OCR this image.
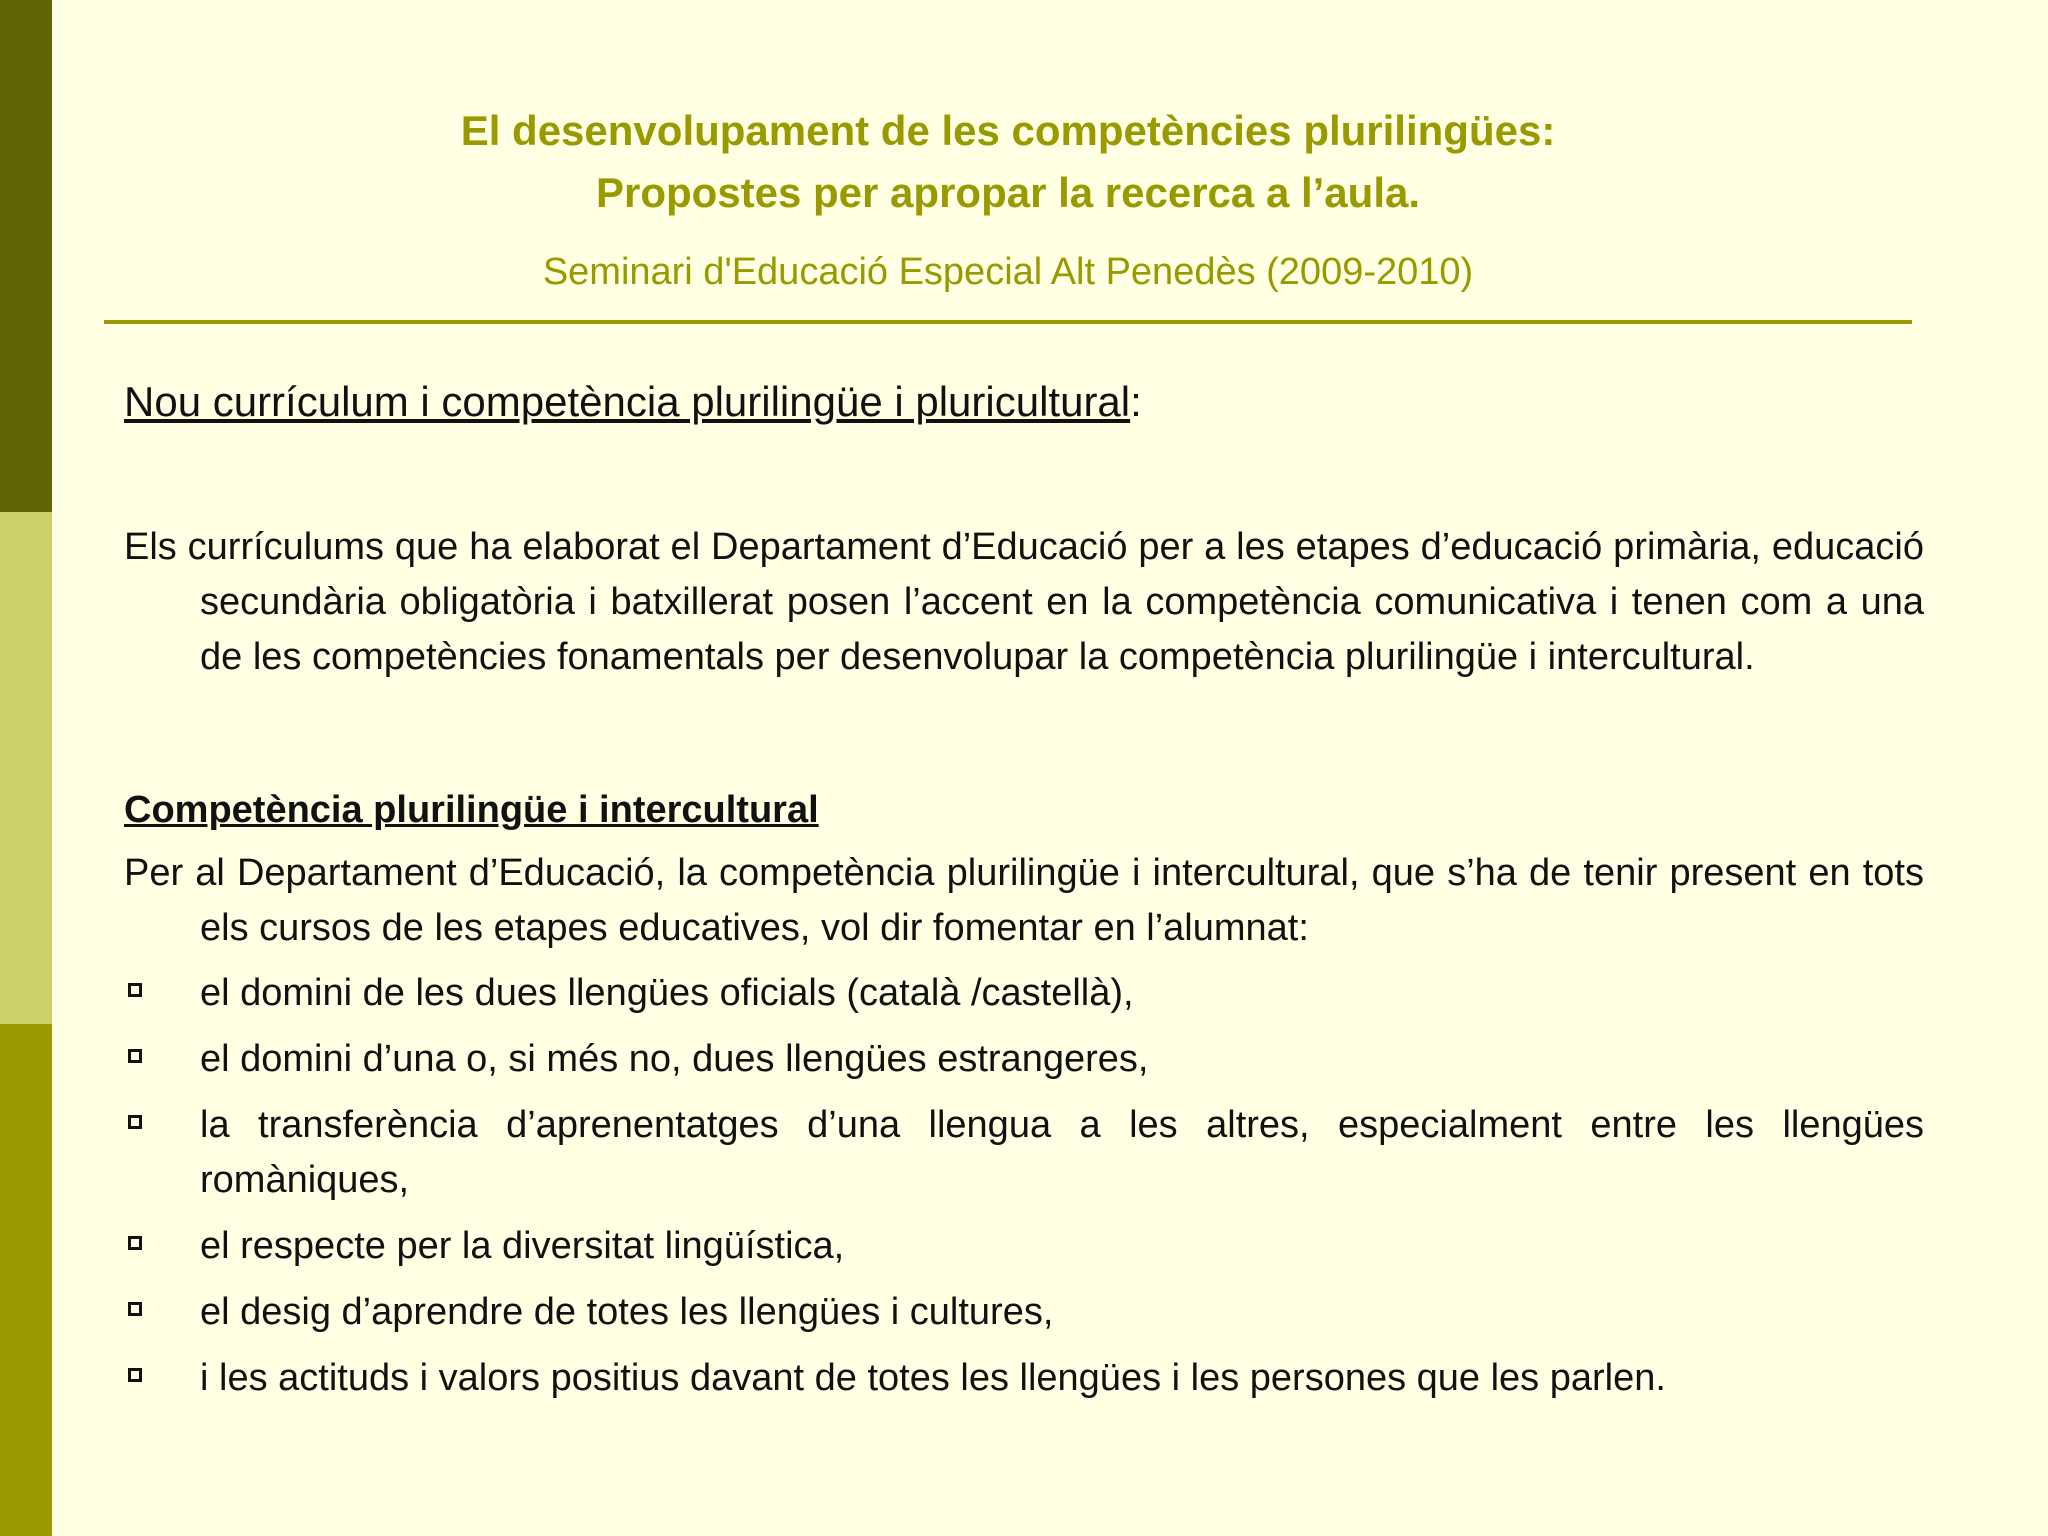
El desenvolupament de les competències plurilingües:
Propostes per apropar la recerca a l’aula.
Seminari d'Educació Especial Alt Penedès (2009-2010)

Nou currículum i competència plurilingüe i pluricultural:

Els currículums que ha elaborat el Departament d’Educació per a les etapes d’educació primària, educació secundària obligatòria i batxillerat posen l’accent en la competència comunicativa i tenen com a una de les competències fonamentals per desenvolupar la competència plurilingüe i intercultural.

Competència plurilingüe i intercultural

Per al Departament d’Educació, la competència plurilingüe i intercultural, que s’ha de tenir present en tots els cursos de les etapes educatives, vol dir fomentar en l’alumnat:

el domini de les dues llengües oficials (català /castellà),
el domini d’una o, si més no, dues llengües estrangeres,
la transferència d’aprenentatges d’una llengua a les altres, especialment entre les llengües romàniques,
el respecte per la diversitat lingüística,
el desig d’aprendre de totes les llengües i cultures,
i les actituds i valors positius davant de totes les llengües i les persones que les parlen.
